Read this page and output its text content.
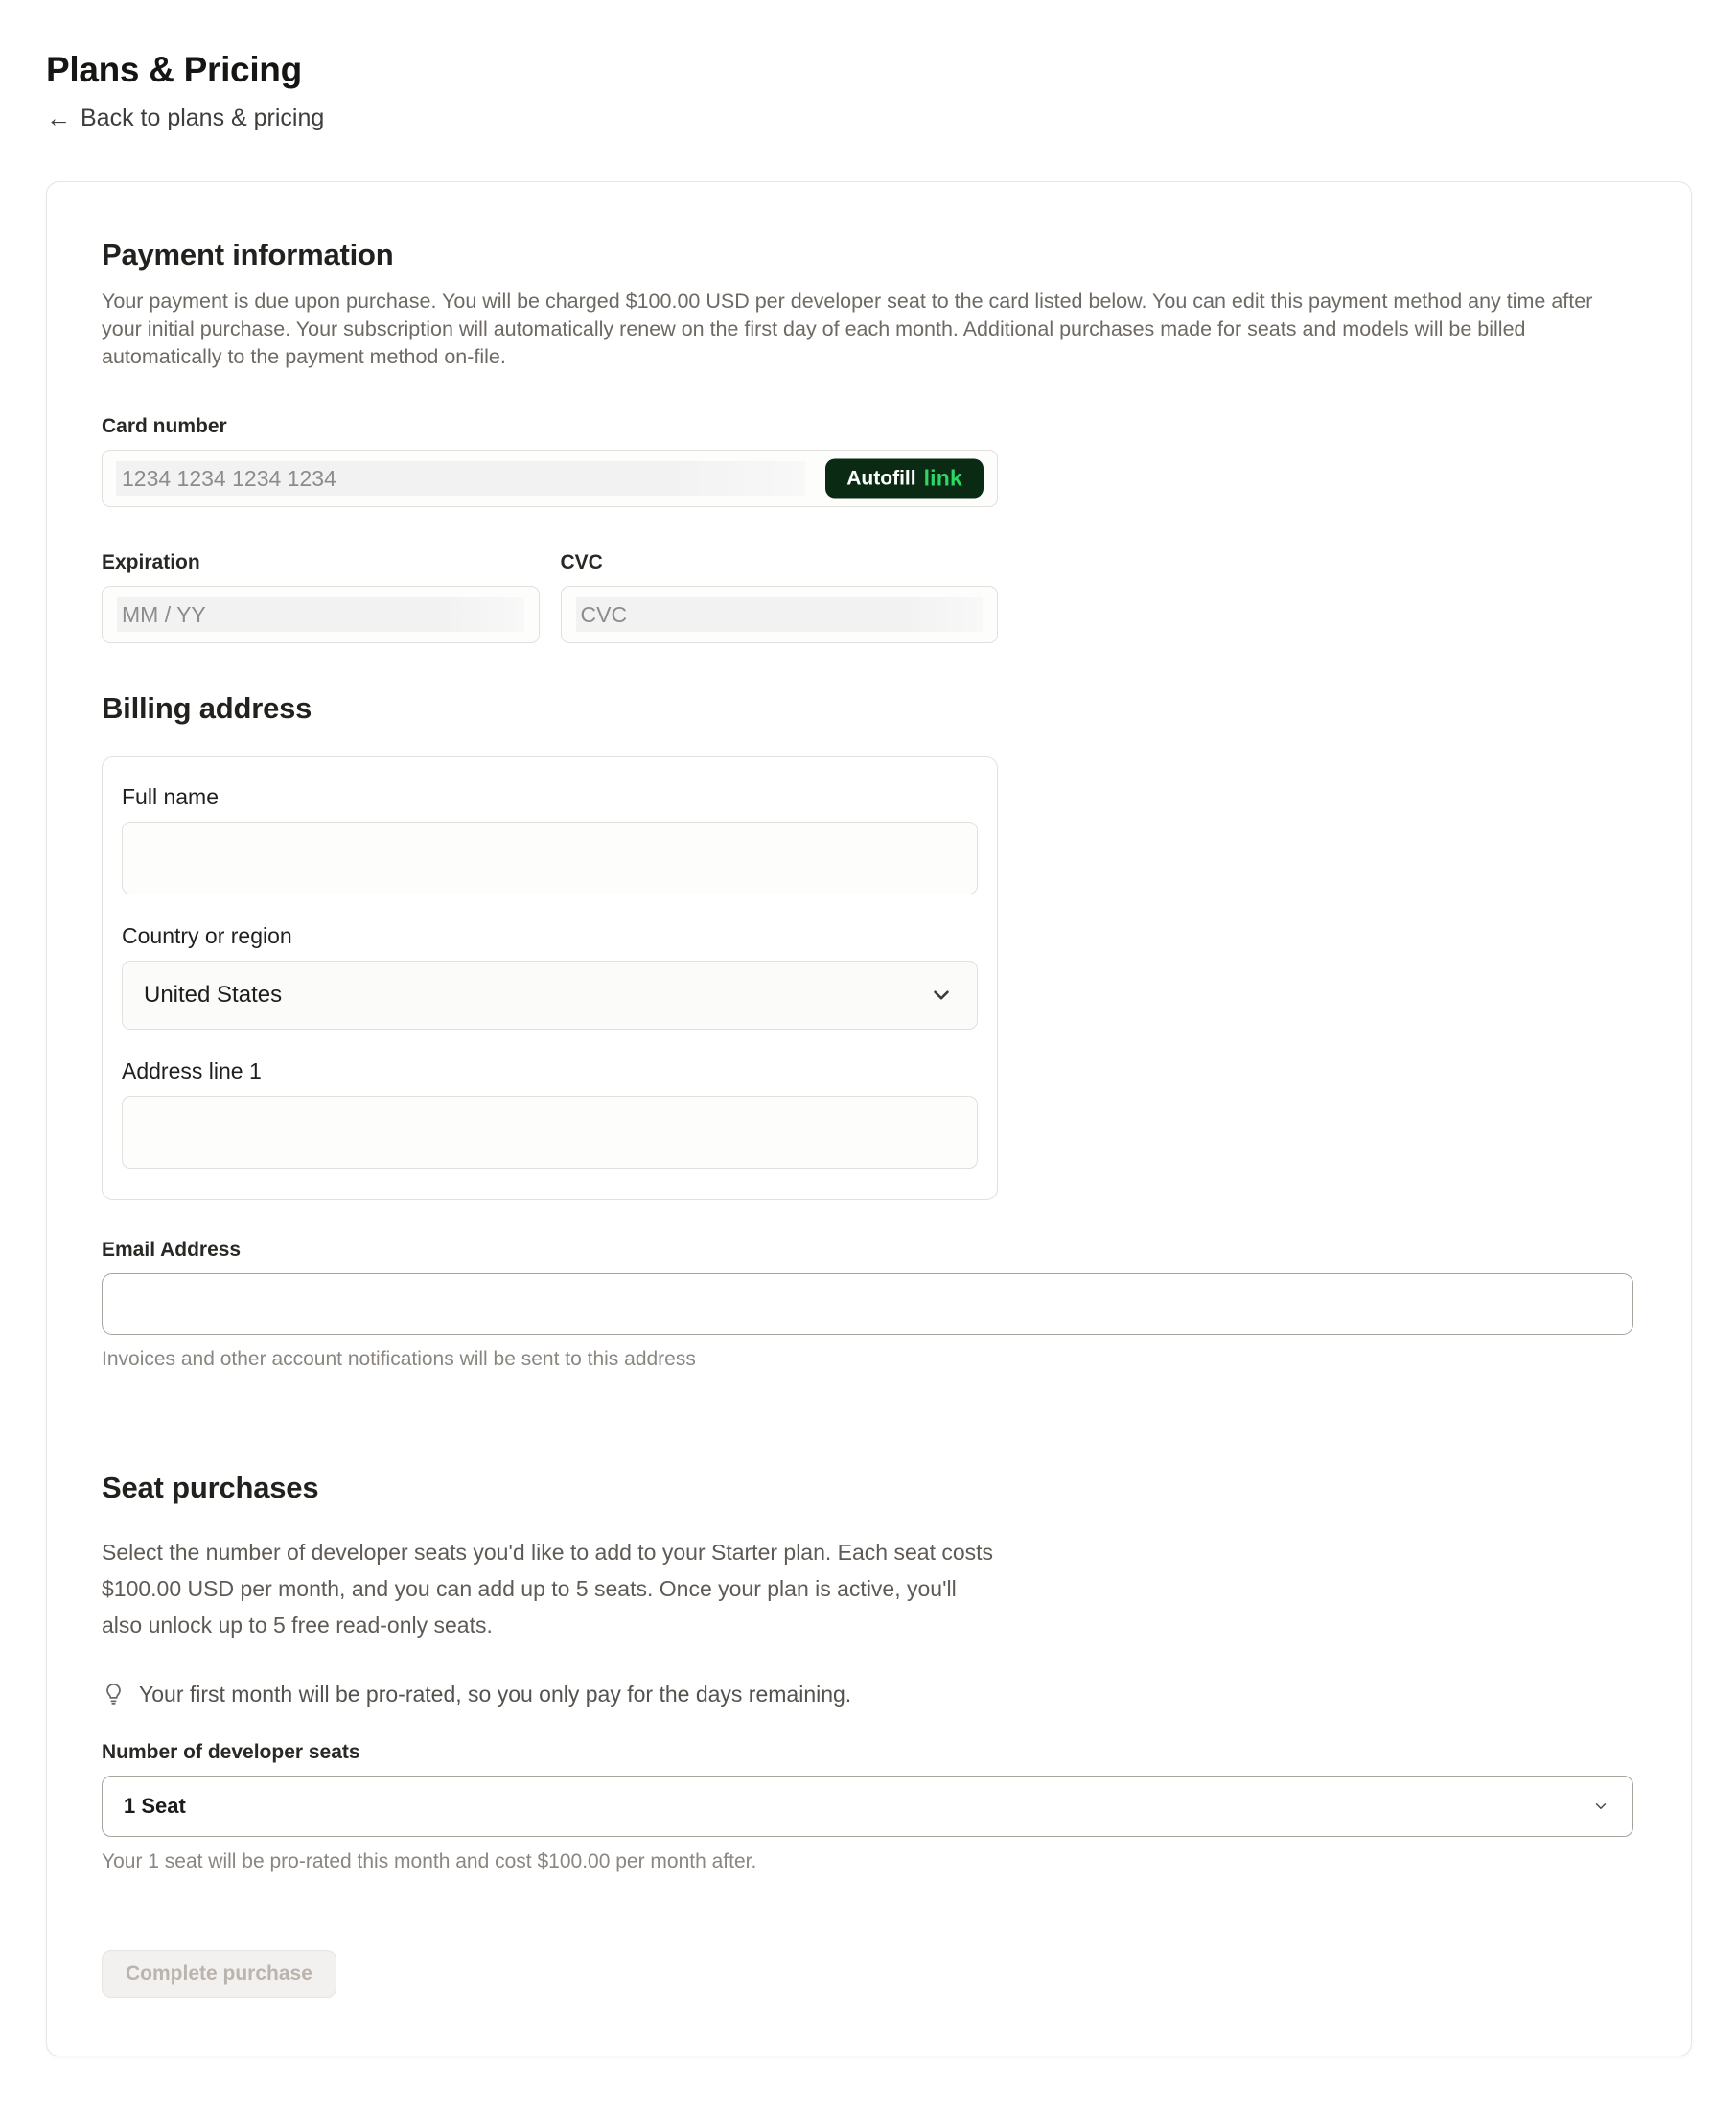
Plans & Pricing
← Back to plans & pricing
Payment information

Your payment is due upon purchase. You will be charged $100.00 USD per developer seat to the card listed below. You can edit this payment method any time after your initial purchase. Your subscription will automatically renew on the first day of each month. Additional purchases made for seats and models will be billed automatically to the payment method on-file.

Card number
1234 1234 1234 1234
Autofill link
Expiration
MM / YY	CVC
CVC
Billing address
Full name
Country or region
United States
Address line 1
Email Address

Invoices and other account notifications will be sent to this address

Seat purchases

Select the number of developer seats you'd like to add to your Starter plan. Each seat costs $100.00 USD per month, and you can add up to 5 seats. Once your plan is active, you'll also unlock up to 5 free read-only seats.

Your first month will be pro-rated, so you only pay for the days remaining.
Number of developer seats
1 Seat

Your 1 seat will be pro-rated this month and cost $100.00 per month after.

Complete purchase
